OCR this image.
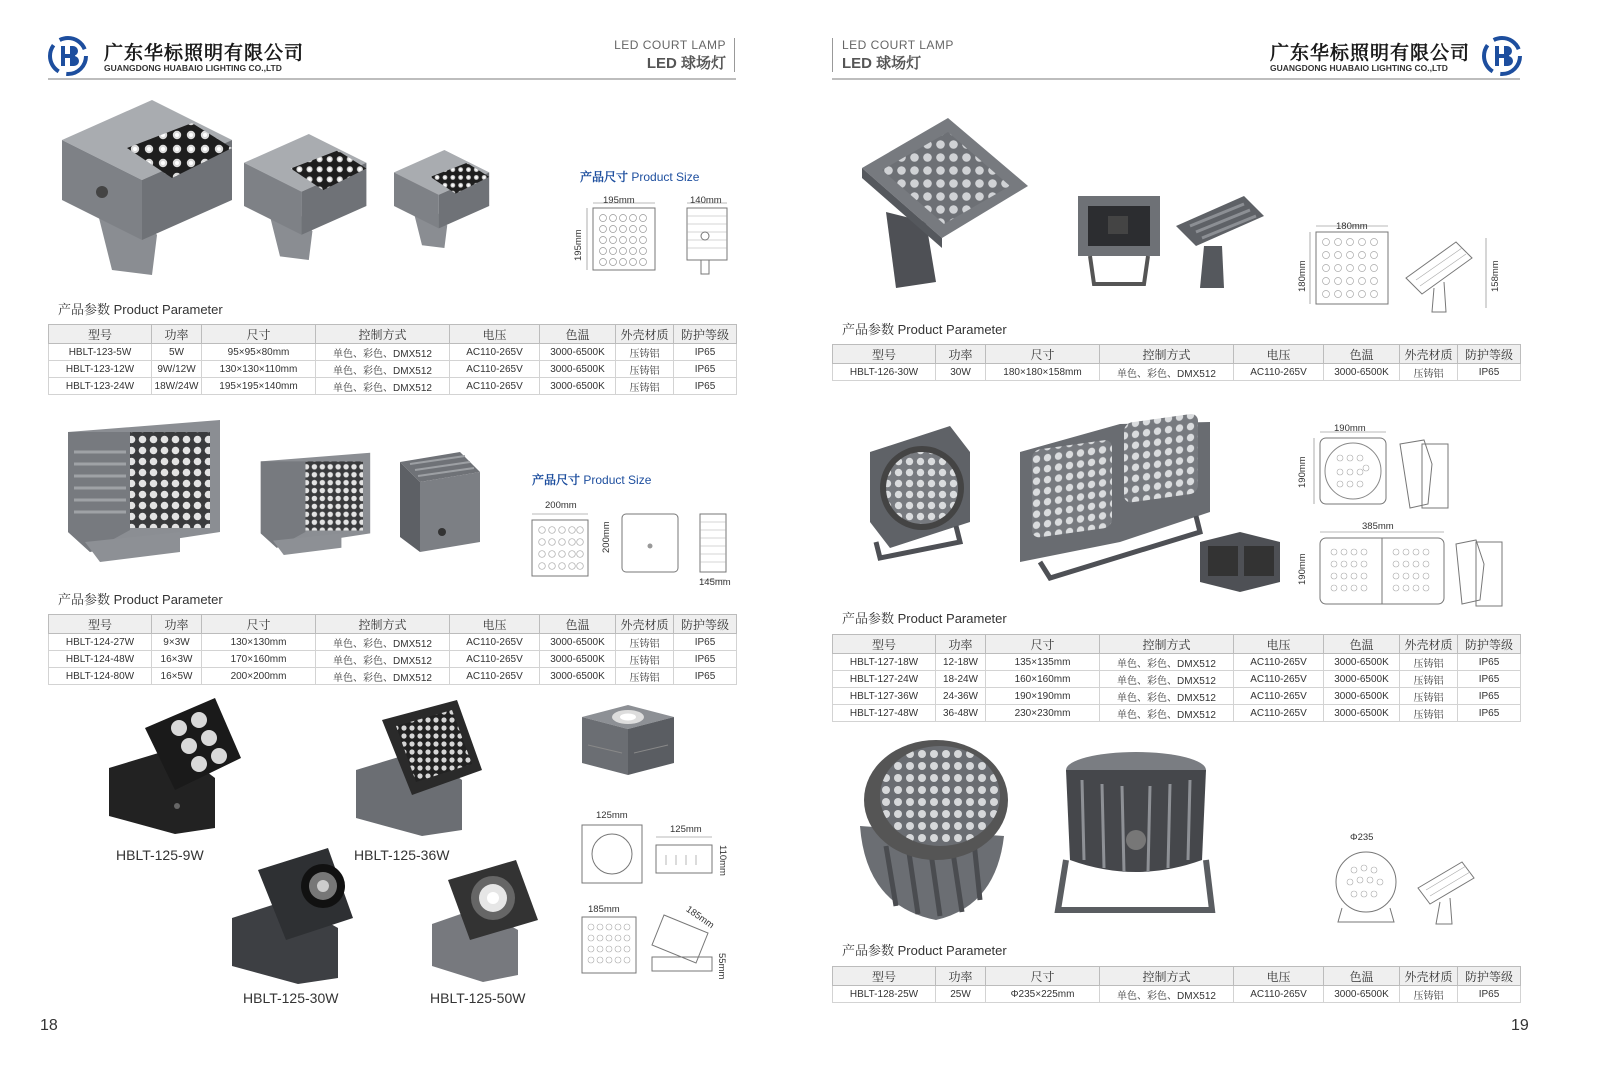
广东华标照明有限公司
GUANGDONG HUABAIO LIGHTING CO.,LTD
LED COURT LAMP
LED 球场灯
产品尺寸 Product Size
195mm
195mm
140mm
产品参数 Product Parameter
型号	功率	尺寸	控制方式	电压	色温	外壳材质	防护等级
HBLT-123-5W	5W	95×95×80mm	单色、彩色、DMX512	AC110-265V	3000-6500K	压铸铝	IP65
HBLT-123-12W	9W/12W	130×130×110mm	单色、彩色、DMX512	AC110-265V	3000-6500K	压铸铝	IP65
HBLT-123-24W	18W/24W	195×195×140mm	单色、彩色、DMX512	AC110-265V	3000-6500K	压铸铝	IP65
产品尺寸 Product Size
200mm
200mm
145mm
产品参数 Product Parameter
型号	功率	尺寸	控制方式	电压	色温	外壳材质	防护等级
HBLT-124-27W	9×3W	130×130mm	单色、彩色、DMX512	AC110-265V	3000-6500K	压铸铝	IP65
HBLT-124-48W	16×3W	170×160mm	单色、彩色、DMX512	AC110-265V	3000-6500K	压铸铝	IP65
HBLT-124-80W	16×5W	200×200mm	单色、彩色、DMX512	AC110-265V	3000-6500K	压铸铝	IP65
HBLT-125-9W	HBLT-125-36W
HBLT-125-30W	HBLT-125-50W
125mm
125mm
110mm
185mm	185mm
55mm
18
LED COURT LAMP
LED 球场灯	广东华标照明有限公司
GUANGDONG HUABAIO LIGHTING CO.,LTD
180mm
180mm	158mm
产品参数 Product Parameter
型号	功率	尺寸	控制方式	电压	色温	外壳材质	防护等级
HBLT-126-30W	30W	180×180×158mm	单色、彩色、DMX512	AC110-265V	3000-6500K	压铸铝	IP65
190mm
190mm
385mm
190mm
产品参数 Product Parameter
型号	功率	尺寸	控制方式	电压	色温	外壳材质	防护等级
HBLT-127-18W	12-18W	135×135mm	单色、彩色、DMX512	AC110-265V	3000-6500K	压铸铝	IP65
HBLT-127-24W	18-24W	160×160mm	单色、彩色、DMX512	AC110-265V	3000-6500K	压铸铝	IP65
HBLT-127-36W	24-36W	190×190mm	单色、彩色、DMX512	AC110-265V	3000-6500K	压铸铝	IP65
HBLT-127-48W	36-48W	230×230mm	单色、彩色、DMX512	AC110-265V	3000-6500K	压铸铝	IP65
Φ235
产品参数 Product Parameter
型号	功率	尺寸	控制方式	电压	色温	外壳材质	防护等级
HBLT-128-25W	25W	Φ235×225mm	单色、彩色、DMX512	AC110-265V	3000-6500K	压铸铝	IP65
19
